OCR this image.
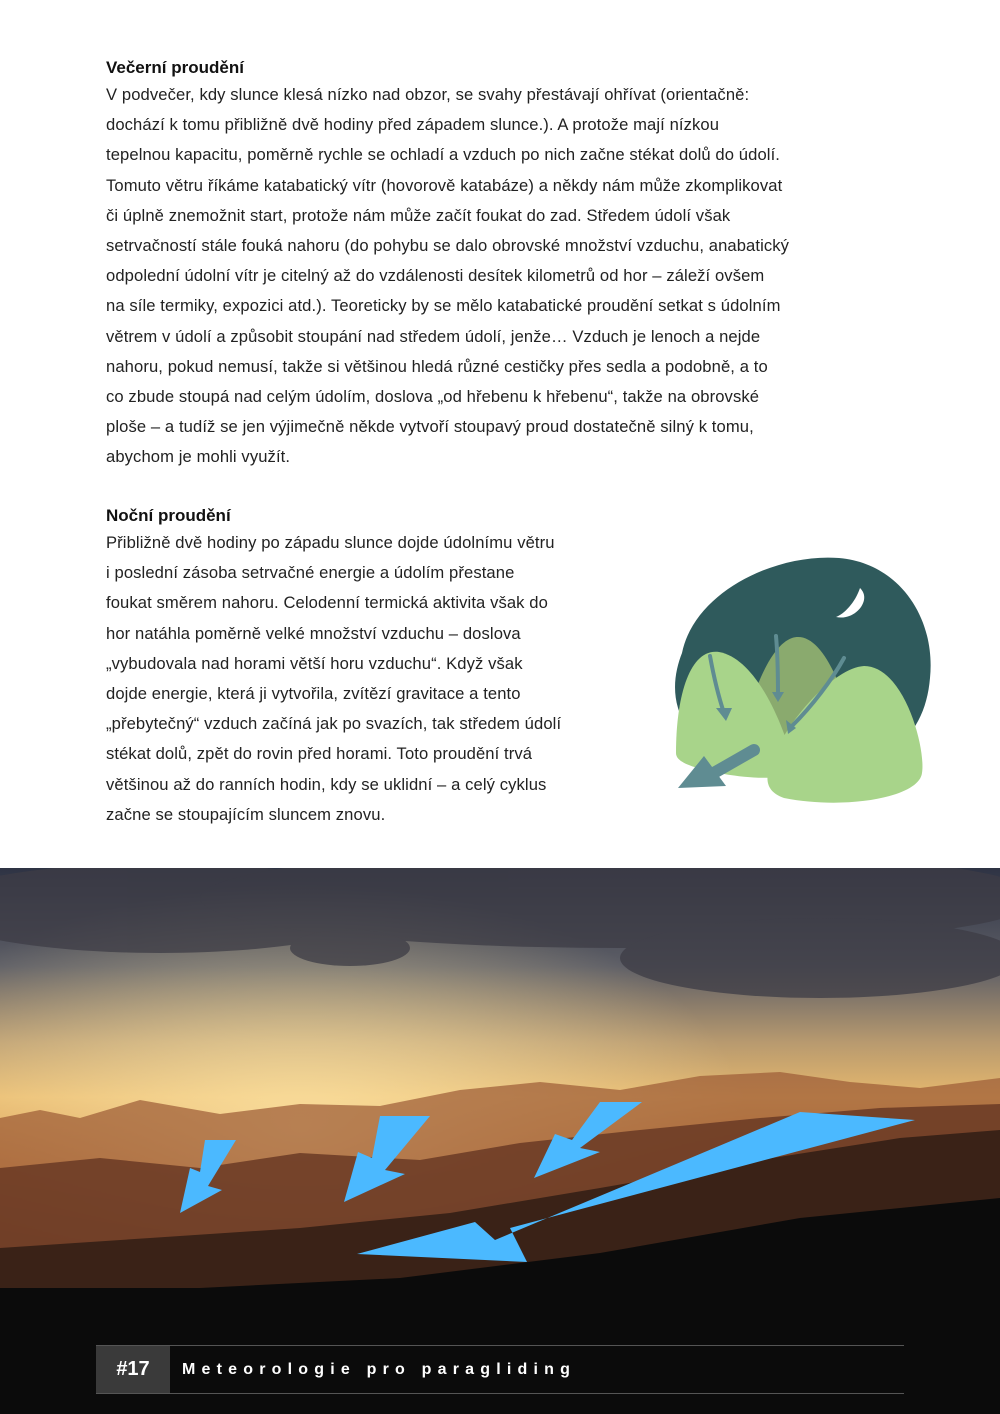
Večerní proudění

V podvečer, kdy slunce klesá nízko nad obzor, se svahy přestávají ohřívat (orientačně:
dochází k tomu přibližně dvě hodiny před západem slunce.). A protože mají nízkou
tepelnou kapacitu, poměrně rychle se ochladí a vzduch po nich začne stékat dolů do údolí.
Tomuto větru říkáme katabatický vítr (hovorově katabáze) a někdy nám může zkomplikovat
či úplně znemožnit start, protože nám může začít foukat do zad. Středem údolí však
setrvačností stále fouká nahoru (do pohybu se dalo obrovské množství vzduchu, anabatický
odpolední údolní vítr je citelný až do vzdálenosti desítek kilometrů od hor – záleží ovšem
na síle termiky, expozici atd.). Teoreticky by se mělo katabatické proudění setkat s údolním
větrem v údolí a způsobit stoupání nad středem údolí, jenže… Vzduch je lenoch a nejde
nahoru, pokud nemusí, takže si většinou hledá různé cestičky přes sedla a podobně, a to
co zbude stoupá nad celým údolím, doslova „od hřebenu k hřebenu“, takže na obrovské
ploše – a tudíž se jen výjimečně někde vytvoří stoupavý proud dostatečně silný k tomu,
abychom je mohli využít.

Noční proudění

Přibližně dvě hodiny po západu slunce dojde údolnímu větru
i poslední zásoba setrvačné energie a údolím přestane
foukat směrem nahoru. Celodenní termická aktivita však do
hor natáhla poměrně velké množství vzduchu – doslova
„vybudovala nad horami větší horu vzduchu“. Když však
dojde energie, která ji vytvořila, zvítězí gravitace a tento
„přebytečný“ vzduch začíná jak po svazích, tak středem údolí
stékat dolů, zpět do rovin před horami. Toto proudění trvá
většinou až do ranních hodin, kdy se uklidní – a celý cyklus
začne se stoupajícím sluncem znovu.

#17	Meteorologie pro paragliding
